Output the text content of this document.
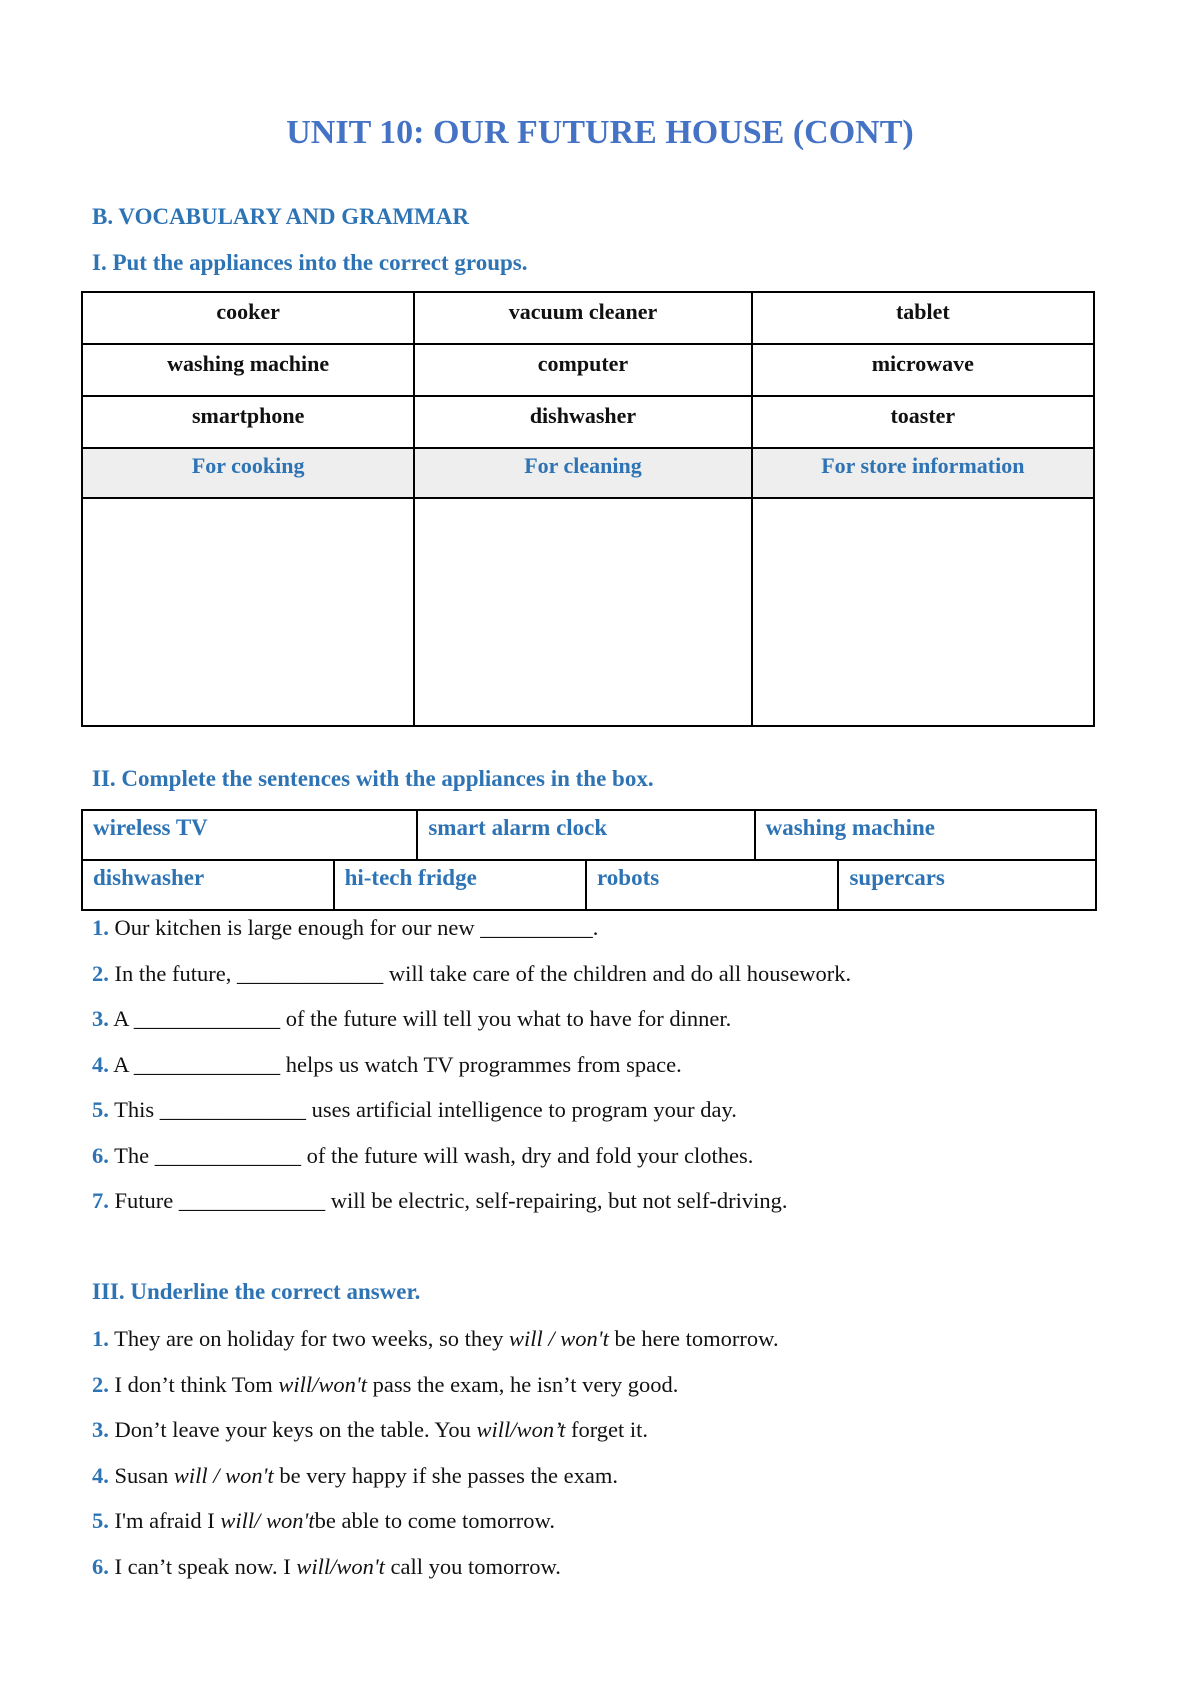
UNIT 10: OUR FUTURE HOUSE (CONT)
B. VOCABULARY AND GRAMMAR
I. Put the appliances into the correct groups.
cooker	vacuum cleaner	tablet
washing machine	computer	microwave
smartphone	dishwasher	toaster
For cooking	For cleaning	For store information

II. Complete the sentences with the appliances in the box.
wireless TV	smart alarm clock	washing machine
dishwasher	hi-tech fridge	robots	supercars
1. Our kitchen is large enough for our new __________.
2. In the future, _____________ will take care of the children and do all housework.
3. A _____________ of the future will tell you what to have for dinner.
4. A _____________ helps us watch TV programmes from space.
5. This _____________ uses artificial intelligence to program your day.
6. The _____________ of the future will wash, dry and fold your clothes.
7. Future _____________ will be electric, self-repairing, but not self-driving.
III. Underline the correct answer.
1. They are on holiday for two weeks, so they will / won't be here tomorrow.
2. I don’t think Tom will/won't pass the exam, he isn’t very good.
3. Don’t leave your keys on the table. You will/won’t forget it.
4. Susan will / won't be very happy if she passes the exam.
5. I'm afraid I will/ won'tbe able to come tomorrow.
6. I can’t speak now. I will/won't call you tomorrow.
